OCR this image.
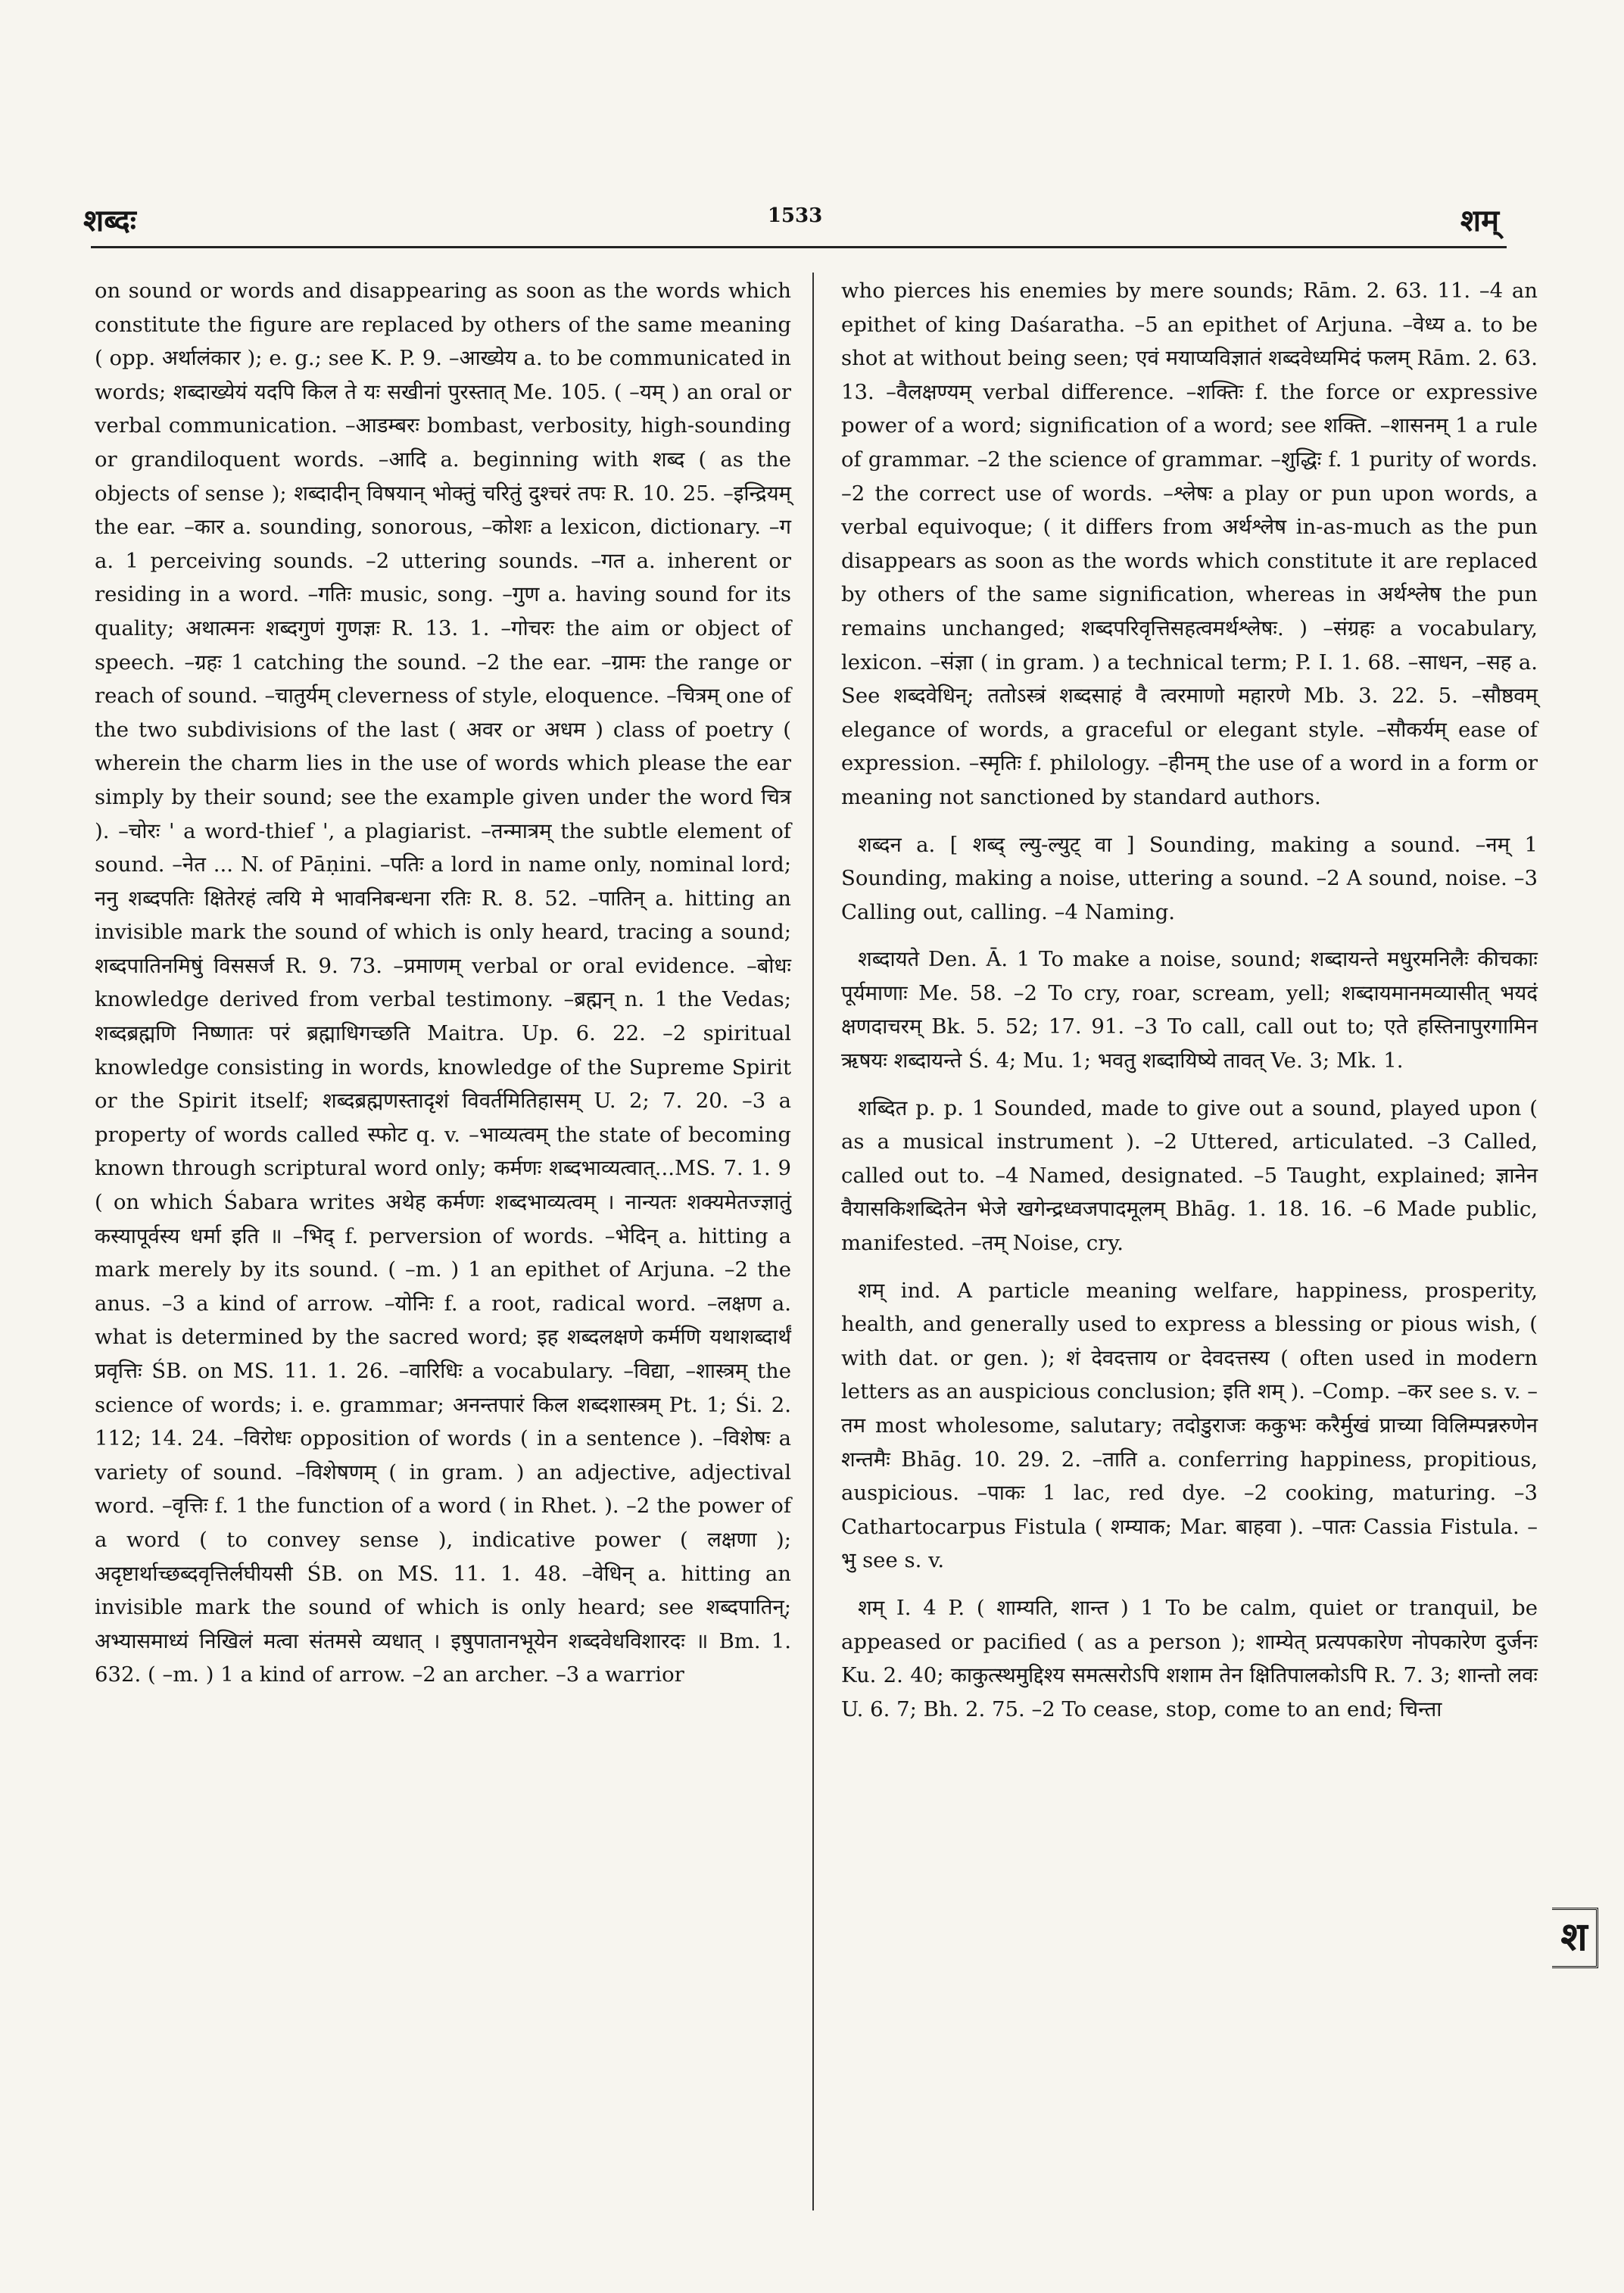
शब्दः	1533	शम्

on sound or words and disappearing as soon as the words which constitute the figure are replaced by others of the same meaning ( opp. अर्थालंकार ); e. g.; see K. P. 9. –आख्येय a. to be communicated in words; शब्दाख्येयं यदपि किल ते यः सखीनां पुरस्तात् Me. 105. ( –यम् ) an oral or verbal communication. –आडम्बरः bombast, verbosity, high-sounding or grandiloquent words. –आदि a. beginning with शब्द ( as the objects of sense ); शब्दादीन् विषयान् भोक्तुं चरितुं दुश्चरं तपः R. 10. 25. –इन्द्रियम् the ear. –कार a. sounding, sonorous, –कोशः a lexicon, dictionary. –ग a. 1 perceiving sounds. –2 uttering sounds. –गत a. inherent or residing in a word. –गतिः music, song. –गुण a. having sound for its quality; अथात्मनः शब्दगुणं गुणज्ञः R. 13. 1. –गोचरः the aim or object of speech. –ग्रहः 1 catching the sound. –2 the ear. –ग्रामः the range or reach of sound. –चातुर्यम् cleverness of style, eloquence. –चित्रम् one of the two subdivisions of the last ( अवर or अधम ) class of poetry ( wherein the charm lies in the use of words which please the ear simply by their sound; see the example given under the word चित्र ). –चोरः ' a word-thief ', a plagiarist. –तन्मात्रम् the subtle element of sound. –नेत ... N. of Pāṇini. –पतिः a lord in name only, nominal lord; ननु शब्दपतिः क्षितेरहं त्वयि मे भावनिबन्धना रतिः R. 8. 52. –पातिन् a. hitting an invisible mark the sound of which is only heard, tracing a sound; शब्दपातिनमिषुं विससर्ज R. 9. 73. –प्रमाणम् verbal or oral evidence. –बोधः knowledge derived from verbal testimony. –ब्रह्मन् n. 1 the Vedas; शब्दब्रह्मणि निष्णातः परं ब्रह्माधिगच्छति Maitra. Up. 6. 22. –2 spiritual knowledge consisting in words, knowledge of the Supreme Spirit or the Spirit itself; शब्दब्रह्मणस्तादृशं विवर्तमितिहासम् U. 2; 7. 20. –3 a property of words called स्फोट q. v. –भाव्यत्वम् the state of becoming known through scriptural word only; कर्मणः शब्दभाव्यत्वात्...MS. 7. 1. 9 ( on which Śabara writes अथेह कर्मणः शब्दभाव्यत्वम् । नान्यतः शक्यमेतज्ज्ञातुं कस्यापूर्वस्य धर्मा इति ॥ –भिद् f. perversion of words. –भेदिन् a. hitting a mark merely by its sound. ( –m. ) 1 an epithet of Arjuna. –2 the anus. –3 a kind of arrow. –योनिः f. a root, radical word. –लक्षण a. what is determined by the sacred word; इह शब्दलक्षणे कर्मणि यथाशब्दार्थं प्रवृत्तिः ŚB. on MS. 11. 1. 26. –वारिधिः a vocabulary. –विद्या, –शास्त्रम् the science of words; i. e. grammar; अनन्तपारं किल शब्दशास्त्रम् Pt. 1; Śi. 2. 112; 14. 24. –विरोधः opposition of words ( in a sentence ). –विशेषः a variety of sound. –विशेषणम् ( in gram. ) an adjective, adjectival word. –वृत्तिः f. 1 the function of a word ( in Rhet. ). –2 the power of a word ( to convey sense ), indicative power ( लक्षणा ); अदृष्टार्थाच्छब्दवृत्तिर्लघीयसी ŚB. on MS. 11. 1. 48. –वेधिन् a. hitting an invisible mark the sound of which is only heard; see शब्दपातिन्; अभ्यासमाध्यं निखिलं मत्वा संतमसे व्यधात् । इषुपातानभूयेन शब्दवेधविशारदः ॥ Bm. 1. 632. ( –m. ) 1 a kind of arrow. –2 an archer. –3 a warrior

who pierces his enemies by mere sounds; Rām. 2. 63. 11. –4 an epithet of king Daśaratha. –5 an epithet of Arjuna. –वेध्य a. to be shot at without being seen; एवं मयाप्यविज्ञातं शब्दवेध्यमिदं फलम् Rām. 2. 63. 13. –वैलक्षण्यम् verbal difference. –शक्तिः f. the force or expressive power of a word; signification of a word; see शक्ति. –शासनम् 1 a rule of grammar. –2 the science of grammar. –शुद्धिः f. 1 purity of words. –2 the correct use of words. –श्लेषः a play or pun upon words, a verbal equivoque; ( it differs from अर्थश्लेष in-as-much as the pun disappears as soon as the words which constitute it are replaced by others of the same signification, whereas in अर्थश्लेष the pun remains unchanged; शब्दपरिवृत्तिसहत्वमर्थश्लेषः. ) –संग्रहः a vocabulary, lexicon. –संज्ञा ( in gram. ) a technical term; P. I. 1. 68. –साधन, –सह a. See शब्दवेधिन्; ततोऽस्त्रं शब्दसाहं वै त्वरमाणो महारणे Mb. 3. 22. 5. –सौष्ठवम् elegance of words, a graceful or elegant style. –सौकर्यम् ease of expression. –स्मृतिः f. philology. –हीनम् the use of a word in a form or meaning not sanctioned by standard authors.

शब्दन a. [ शब्द् ल्यु-ल्युट् वा ] Sounding, making a sound. –नम् 1 Sounding, making a noise, uttering a sound. –2 A sound, noise. –3 Calling out, calling. –4 Naming.

शब्दायते Den. Ā. 1 To make a noise, sound; शब्दायन्ते मधुरमनिलैः कीचकाः पूर्यमाणाः Me. 58. –2 To cry, roar, scream, yell; शब्दायमानमव्यासीत् भयदं क्षणदाचरम् Bk. 5. 52; 17. 91. –3 To call, call out to; एते हस्तिनापुरगामिन ऋषयः शब्दायन्ते Ś. 4; Mu. 1; भवतु शब्दायिष्ये तावत् Ve. 3; Mk. 1.

शब्दित p. p. 1 Sounded, made to give out a sound, played upon ( as a musical instrument ). –2 Uttered, articulated. –3 Called, called out to. –4 Named, designated. –5 Taught, explained; ज्ञानेन वैयासकिशब्दितेन भेजे खगेन्द्रध्वजपादमूलम् Bhāg. 1. 18. 16. –6 Made public, manifested. –तम् Noise, cry.

शम् ind. A particle meaning welfare, happiness, prosperity, health, and generally used to express a blessing or pious wish, ( with dat. or gen. ); शं देवदत्ताय or देवदत्तस्य ( often used in modern letters as an auspicious conclusion; इति शम् ). –Comp. –कर see s. v. –तम most wholesome, salutary; तदोडुराजः ककुभः करैर्मुखं प्राच्या विलिम्पन्नरुणेन शन्तमैः Bhāg. 10. 29. 2. –ताति a. conferring happiness, propitious, auspicious. –पाकः 1 lac, red dye. –2 cooking, maturing. –3 Cathartocarpus Fistula ( शम्याक; Mar. बाहवा ). –पातः Cassia Fistula. –भु see s. v.

शम् I. 4 P. ( शाम्यति, शान्त ) 1 To be calm, quiet or tranquil, be appeased or pacified ( as a person ); शाम्येत् प्रत्यपकारेण नोपकारेण दुर्जनः Ku. 2. 40; काकुत्स्थमुद्दिश्य समत्सरोऽपि शशाम तेन क्षितिपालकोऽपि R. 7. 3; शान्तो लवः U. 6. 7; Bh. 2. 75. –2 To cease, stop, come to an end; चिन्ता

श
